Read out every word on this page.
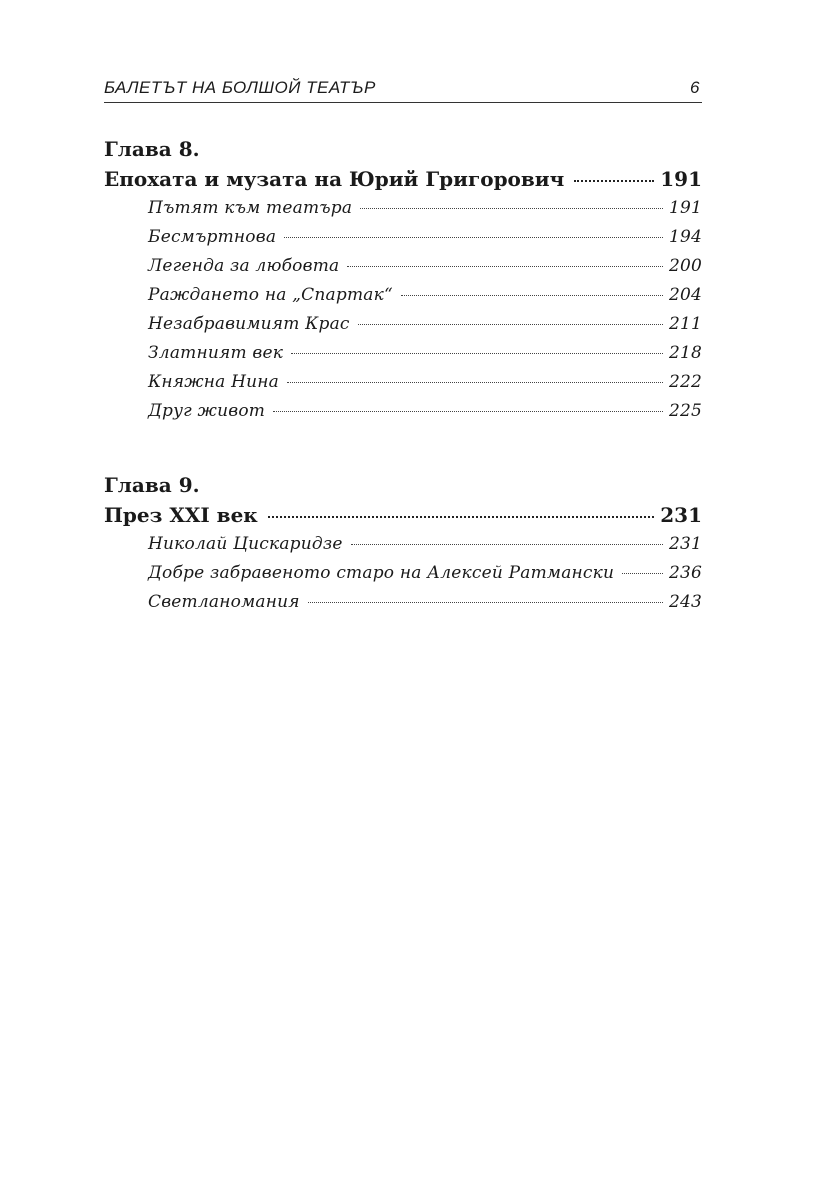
БАЛЕТЪТ НА БОЛШОЙ ТЕАТЪР	6
Глава 8.
Епохата и музата на Юрий Григорович	191
Пътят към театъра	191
Бесмъртнова	194
Легенда за любовта	200
Раждането на „Спартак“	204
Незабравимият Крас	211
Златният век	218
Княжна Нина	222
Друг живот	225
Глава 9.
През XXI век	231
Николай Цискаридзе	231
Добре забравеното старо на Алексей Ратмански	236
Светланомания	243
